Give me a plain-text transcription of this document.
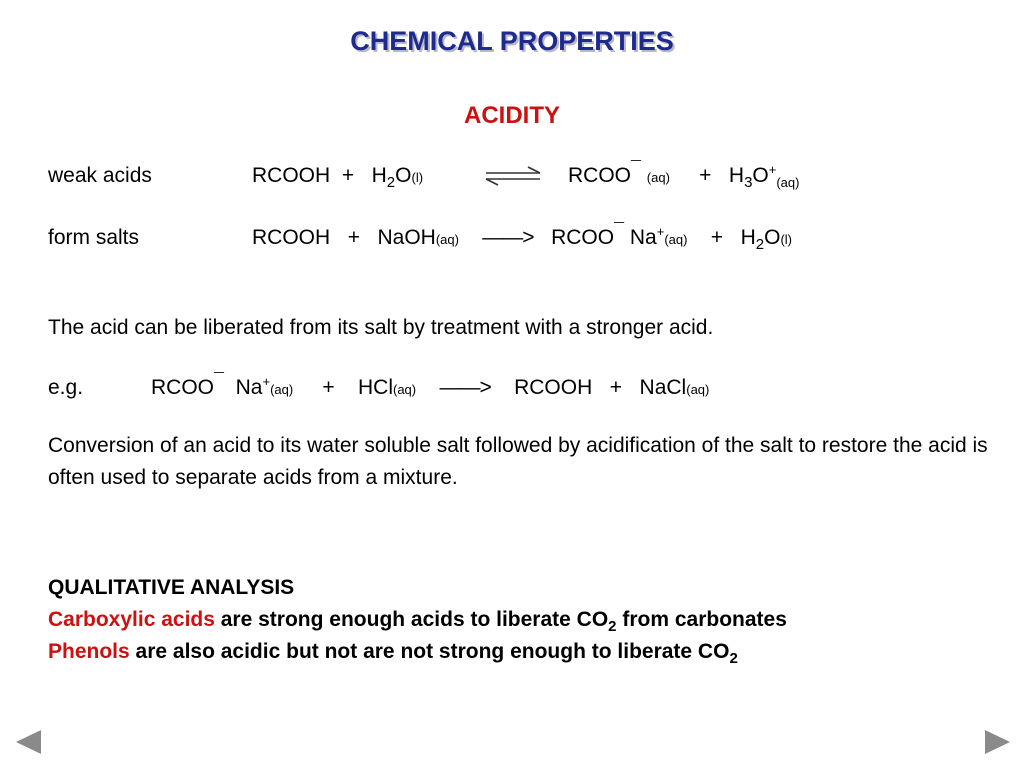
CHEMICAL PROPERTIES
ACIDITY
weak acids	RCOOH + $H_2O(l)$	RCOO¯ $(aq) + H_3O^+_{(aq)}$
form salts	RCOOH + NaOH(aq) ——> RCOO¯ $Na^+(aq) + H_2O(l)$
The acid can be liberated from its salt by treatment with a stronger acid.
e.g.	RCOO¯ Na+(aq) + HCl(aq) ——> RCOOH + NaCl(aq)
Conversion of an acid to its water soluble salt followed by acidification of the salt to restore the acid is often used to separate acids from a mixture.
QUALITATIVE ANALYSIS
Carboxylic acids are strong enough acids to liberate $CO_2$ from carbonates
Phenols are also acidic but not are not strong enough to liberate $CO_2$
